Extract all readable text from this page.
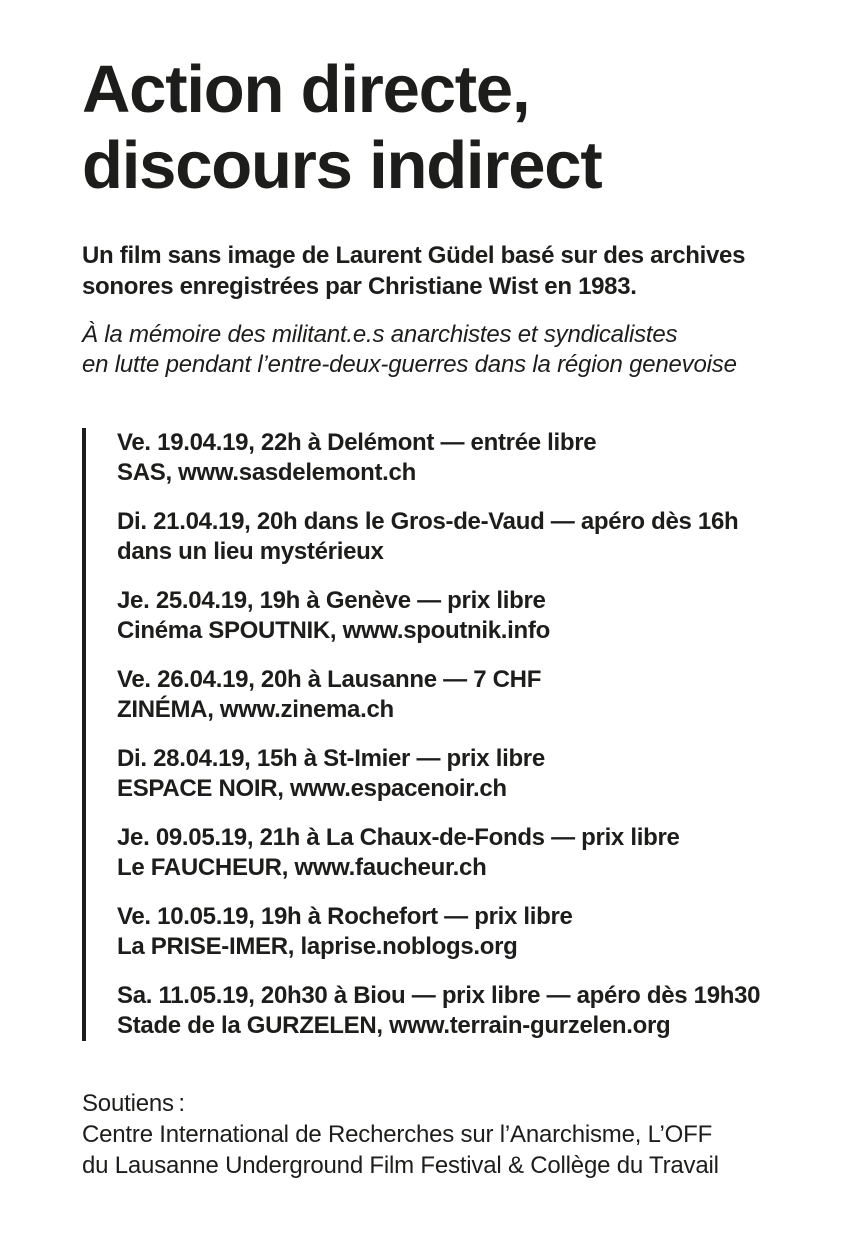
Action directe,
discours indirect

Un film sans image de Laurent Güdel basé sur des archives
sonores enregistrées par Christiane Wist en 1983.

À la mémoire des militant.e.s anarchistes et syndicalistes
en lutte pendant l’entre-deux-guerres dans la région genevoise

Ve. 19.04.19, 22h à Delémont — entrée libre
SAS, www.sasdelemont.ch
Di. 21.04.19, 20h dans le Gros-de-Vaud — apéro dès 16h
dans un lieu mystérieux
Je. 25.04.19, 19h à Genève — prix libre
Cinéma SPOUTNIK, www.spoutnik.info
Ve. 26.04.19, 20h à Lausanne — 7 CHF
ZINÉMA, www.zinema.ch
Di. 28.04.19, 15h à St-Imier — prix libre
ESPACE NOIR, www.espacenoir.ch
Je. 09.05.19, 21h à La Chaux-de-Fonds — prix libre
Le FAUCHEUR, www.faucheur.ch
Ve. 10.05.19, 19h à Rochefort — prix libre
La PRISE-IMER, laprise.noblogs.org
Sa. 11.05.19, 20h30 à Biou — prix libre — apéro dès 19h30
Stade de la GURZELEN, www.terrain-gurzelen.org
Soutiens :
Centre International de Recherches sur l’Anarchisme, L’OFF
du Lausanne Underground Film Festival & Collège du Travail
